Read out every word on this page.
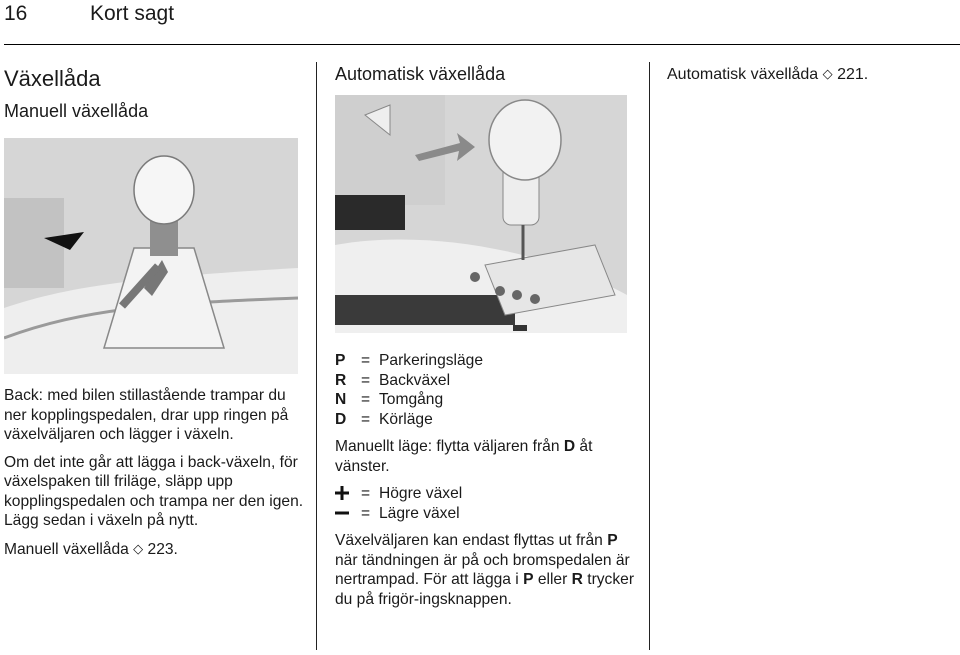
16	Kort sagt
Växellåda
Manuell växellåda

Back: med bilen stillastående trampar du ner kopplingspedalen, drar upp ringen på växelväljaren och lägger i växeln.

Om det inte går att lägga i back-växeln, för växelspaken till friläge, släpp upp kopplingspedalen och trampa ner den igen. Lägg sedan i växeln på nytt.

Manuell växellåda ◇ 223.

Automatisk växellåda
P = Parkeringsläge
R = Backväxel
N = Tomgång
D = Körläge

Manuellt läge: flytta väljaren från D åt vänster.

= Högre växel
= Lägre växel

Växelväljaren kan endast flyttas ut från P när tändningen är på och bromspedalen är nertrampad. För att lägga i P eller R trycker du på frigör-ingsknappen.

Automatisk växellåda ◇ 221.
